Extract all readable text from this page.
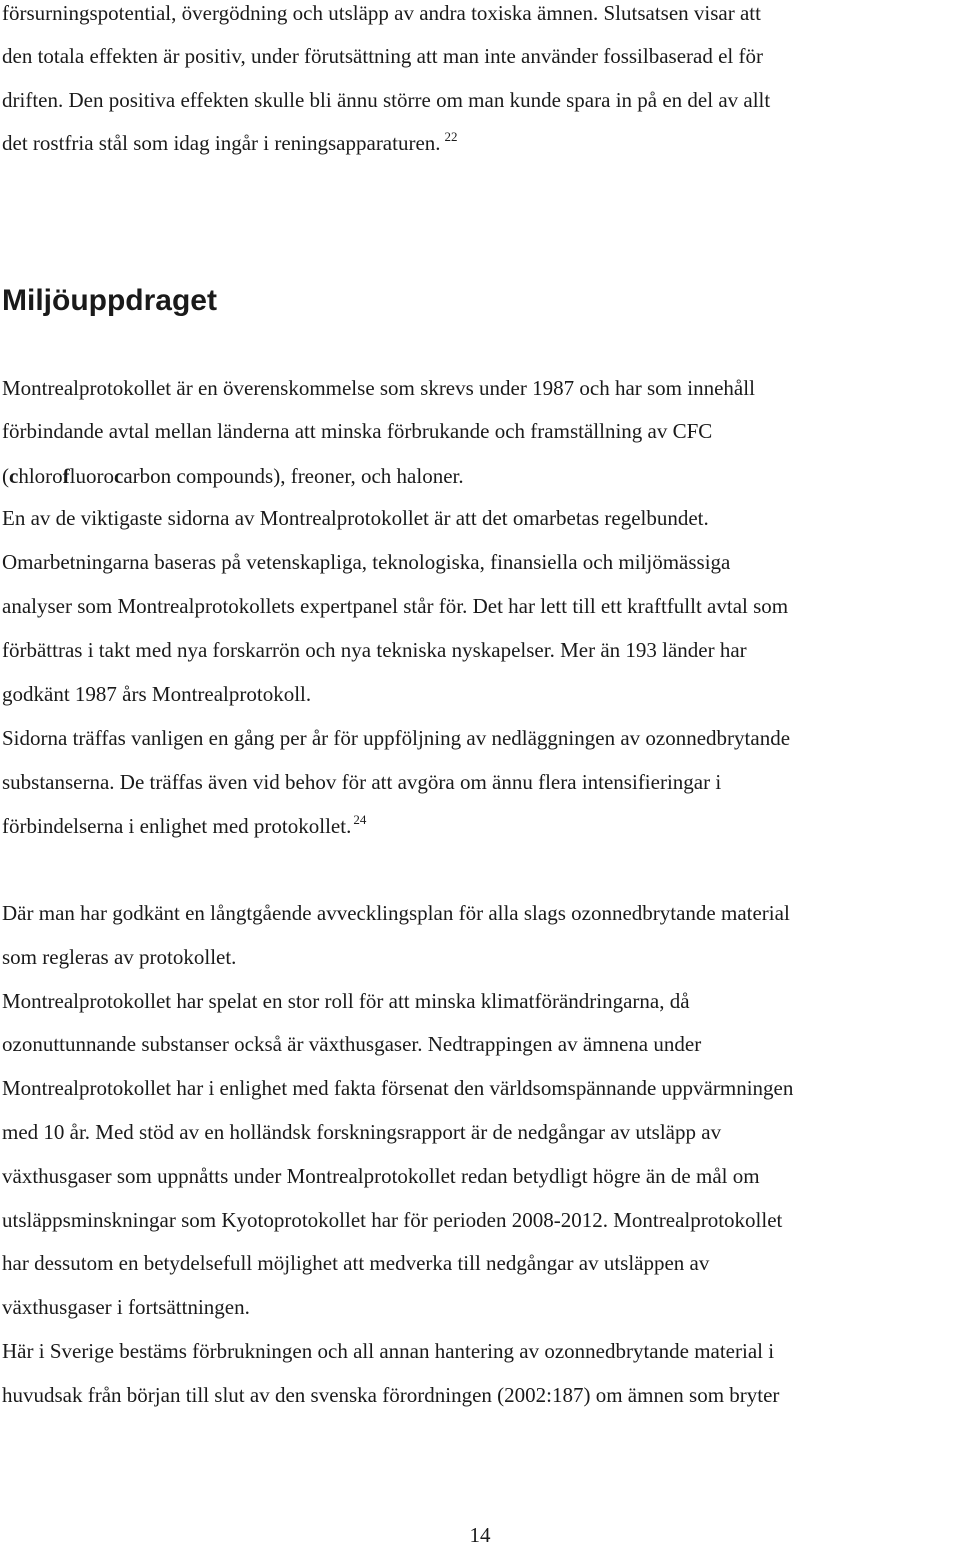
försurningspotential, övergödning och utsläpp av andra toxiska ämnen. Slutsatsen visar att
den totala effekten är positiv, under förutsättning att man inte använder fossilbaserad el för
driften. Den positiva effekten skulle bli ännu större om man kunde spara in på en del av allt
det rostfria stål som idag ingår i reningsapparaturen. $^{22}$
Miljöuppdraget
Montrealprotokollet är en överenskommelse som skrevs under 1987 och har som innehåll
förbindande avtal mellan länderna att minska förbrukande och framställning av CFC
(chlorofluorocarbon compounds), freoner, och haloner.
En av de viktigaste sidorna av Montrealprotokollet är att det omarbetas regelbundet.
Omarbetningarna baseras på vetenskapliga, teknologiska, finansiella och miljömässiga
analyser som Montrealprotokollets expertpanel står för. Det har lett till ett kraftfullt avtal som
förbättras i takt med nya forskarrön och nya tekniska nyskapelser. Mer än 193 länder har
godkänt 1987 års Montrealprotokoll.
Sidorna träffas vanligen en gång per år för uppföljning av nedläggningen av ozonnedbrytande
substanserna. De träffas även vid behov för att avgöra om ännu flera intensifieringar i
förbindelserna i enlighet med protokollet. $^{24}$
Där man har godkänt en långtgående avvecklingsplan för alla slags ozonnedbrytande material
som regleras av protokollet.
Montrealprotokollet har spelat en stor roll för att minska klimatförändringarna, då
ozonuttunnande substanser också är växthusgaser. Nedtrappingen av ämnena under
Montrealprotokollet har i enlighet med fakta försenat den världsomspännande uppvärmningen
med 10 år. Med stöd av en holländsk forskningsrapport är de nedgångar av utsläpp av
växthusgaser som uppnåtts under Montrealprotokollet redan betydligt högre än de mål om
utsläppsminskningar som Kyotoprotokollet har för perioden 2008-2012. Montrealprotokollet
har dessutom en betydelsefull möjlighet att medverka till nedgångar av utsläppen av
växthusgaser i fortsättningen.
Här i Sverige bestäms förbrukningen och all annan hantering av ozonnedbrytande material i
huvudsak från början till slut av den svenska förordningen (2002:187) om ämnen som bryter
14
